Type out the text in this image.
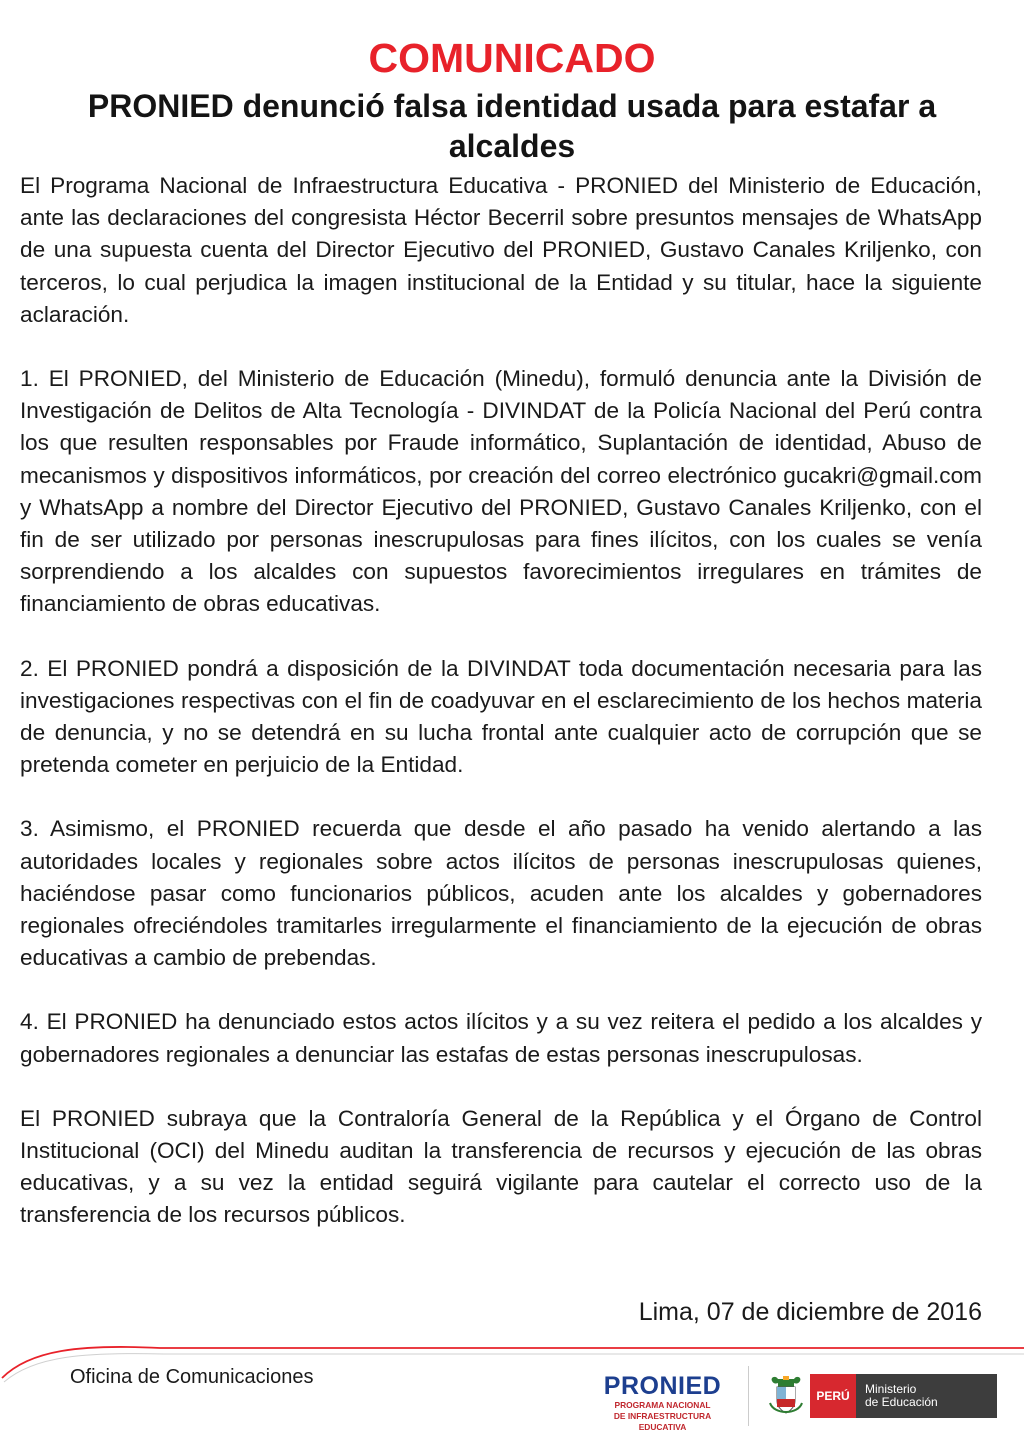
COMUNICADO
PRONIED denunció falsa identidad usada para estafar a alcaldes

El Programa Nacional de Infraestructura Educativa - PRONIED del Ministerio de Educación, ante las declaraciones del congresista Héctor Becerril sobre presuntos mensajes de WhatsApp de una supuesta cuenta del Director Ejecutivo del PRONIED, Gustavo Canales Kriljenko, con terceros, lo cual perjudica la imagen institucional de la Entidad y su titular, hace la siguiente aclaración.

1. El PRONIED, del Ministerio de Educación (Minedu), formuló denuncia ante la División de Investigación de Delitos de Alta Tecnología - DIVINDAT de la Policía Nacional del Perú contra los que resulten responsables por Fraude informático, Suplantación de identidad, Abuso de mecanismos y dispositivos informáticos, por creación del correo electrónico gucakri@gmail.com y WhatsApp a nombre del Director Ejecutivo del PRONIED, Gustavo Canales Kriljenko, con el fin de ser utilizado por personas inescrupulosas para fines ilícitos, con los cuales se venía sorprendiendo a los alcaldes con supuestos favorecimientos irregulares en trámites de financiamiento de obras educativas.

2. El PRONIED pondrá a disposición de la DIVINDAT toda documentación necesaria para las investigaciones respectivas con el fin de coadyuvar en el esclarecimiento de los hechos materia de denuncia, y no se detendrá en su lucha frontal ante cualquier acto de corrupción que se pretenda cometer en perjuicio de la Entidad.

3. Asimismo, el PRONIED recuerda que desde el año pasado ha venido alertando a las autoridades locales y regionales sobre actos ilícitos de personas inescrupulosas quienes, haciéndose pasar como funcionarios públicos, acuden ante los alcaldes y gobernadores regionales ofreciéndoles tramitarles irregularmente el financiamiento de la ejecución de obras educativas a cambio de prebendas.

4. El PRONIED ha denunciado estos actos ilícitos y a su vez reitera el pedido a los alcaldes y gobernadores regionales a denunciar las estafas de estas personas inescrupulosas.

El PRONIED subraya que la Contraloría General de la República y el Órgano de Control Institucional (OCI) del Minedu auditan la transferencia de recursos y ejecución de las obras educativas, y a su vez la entidad seguirá vigilante para cautelar el correcto uso de la transferencia de los recursos públicos.

Lima, 07 de diciembre de 2016
Oficina de Comunicaciones	PRONIED
PROGRAMA NACIONAL
DE INFRAESTRUCTURA EDUCATIVA
PERÚ	Ministerio
de Educación
